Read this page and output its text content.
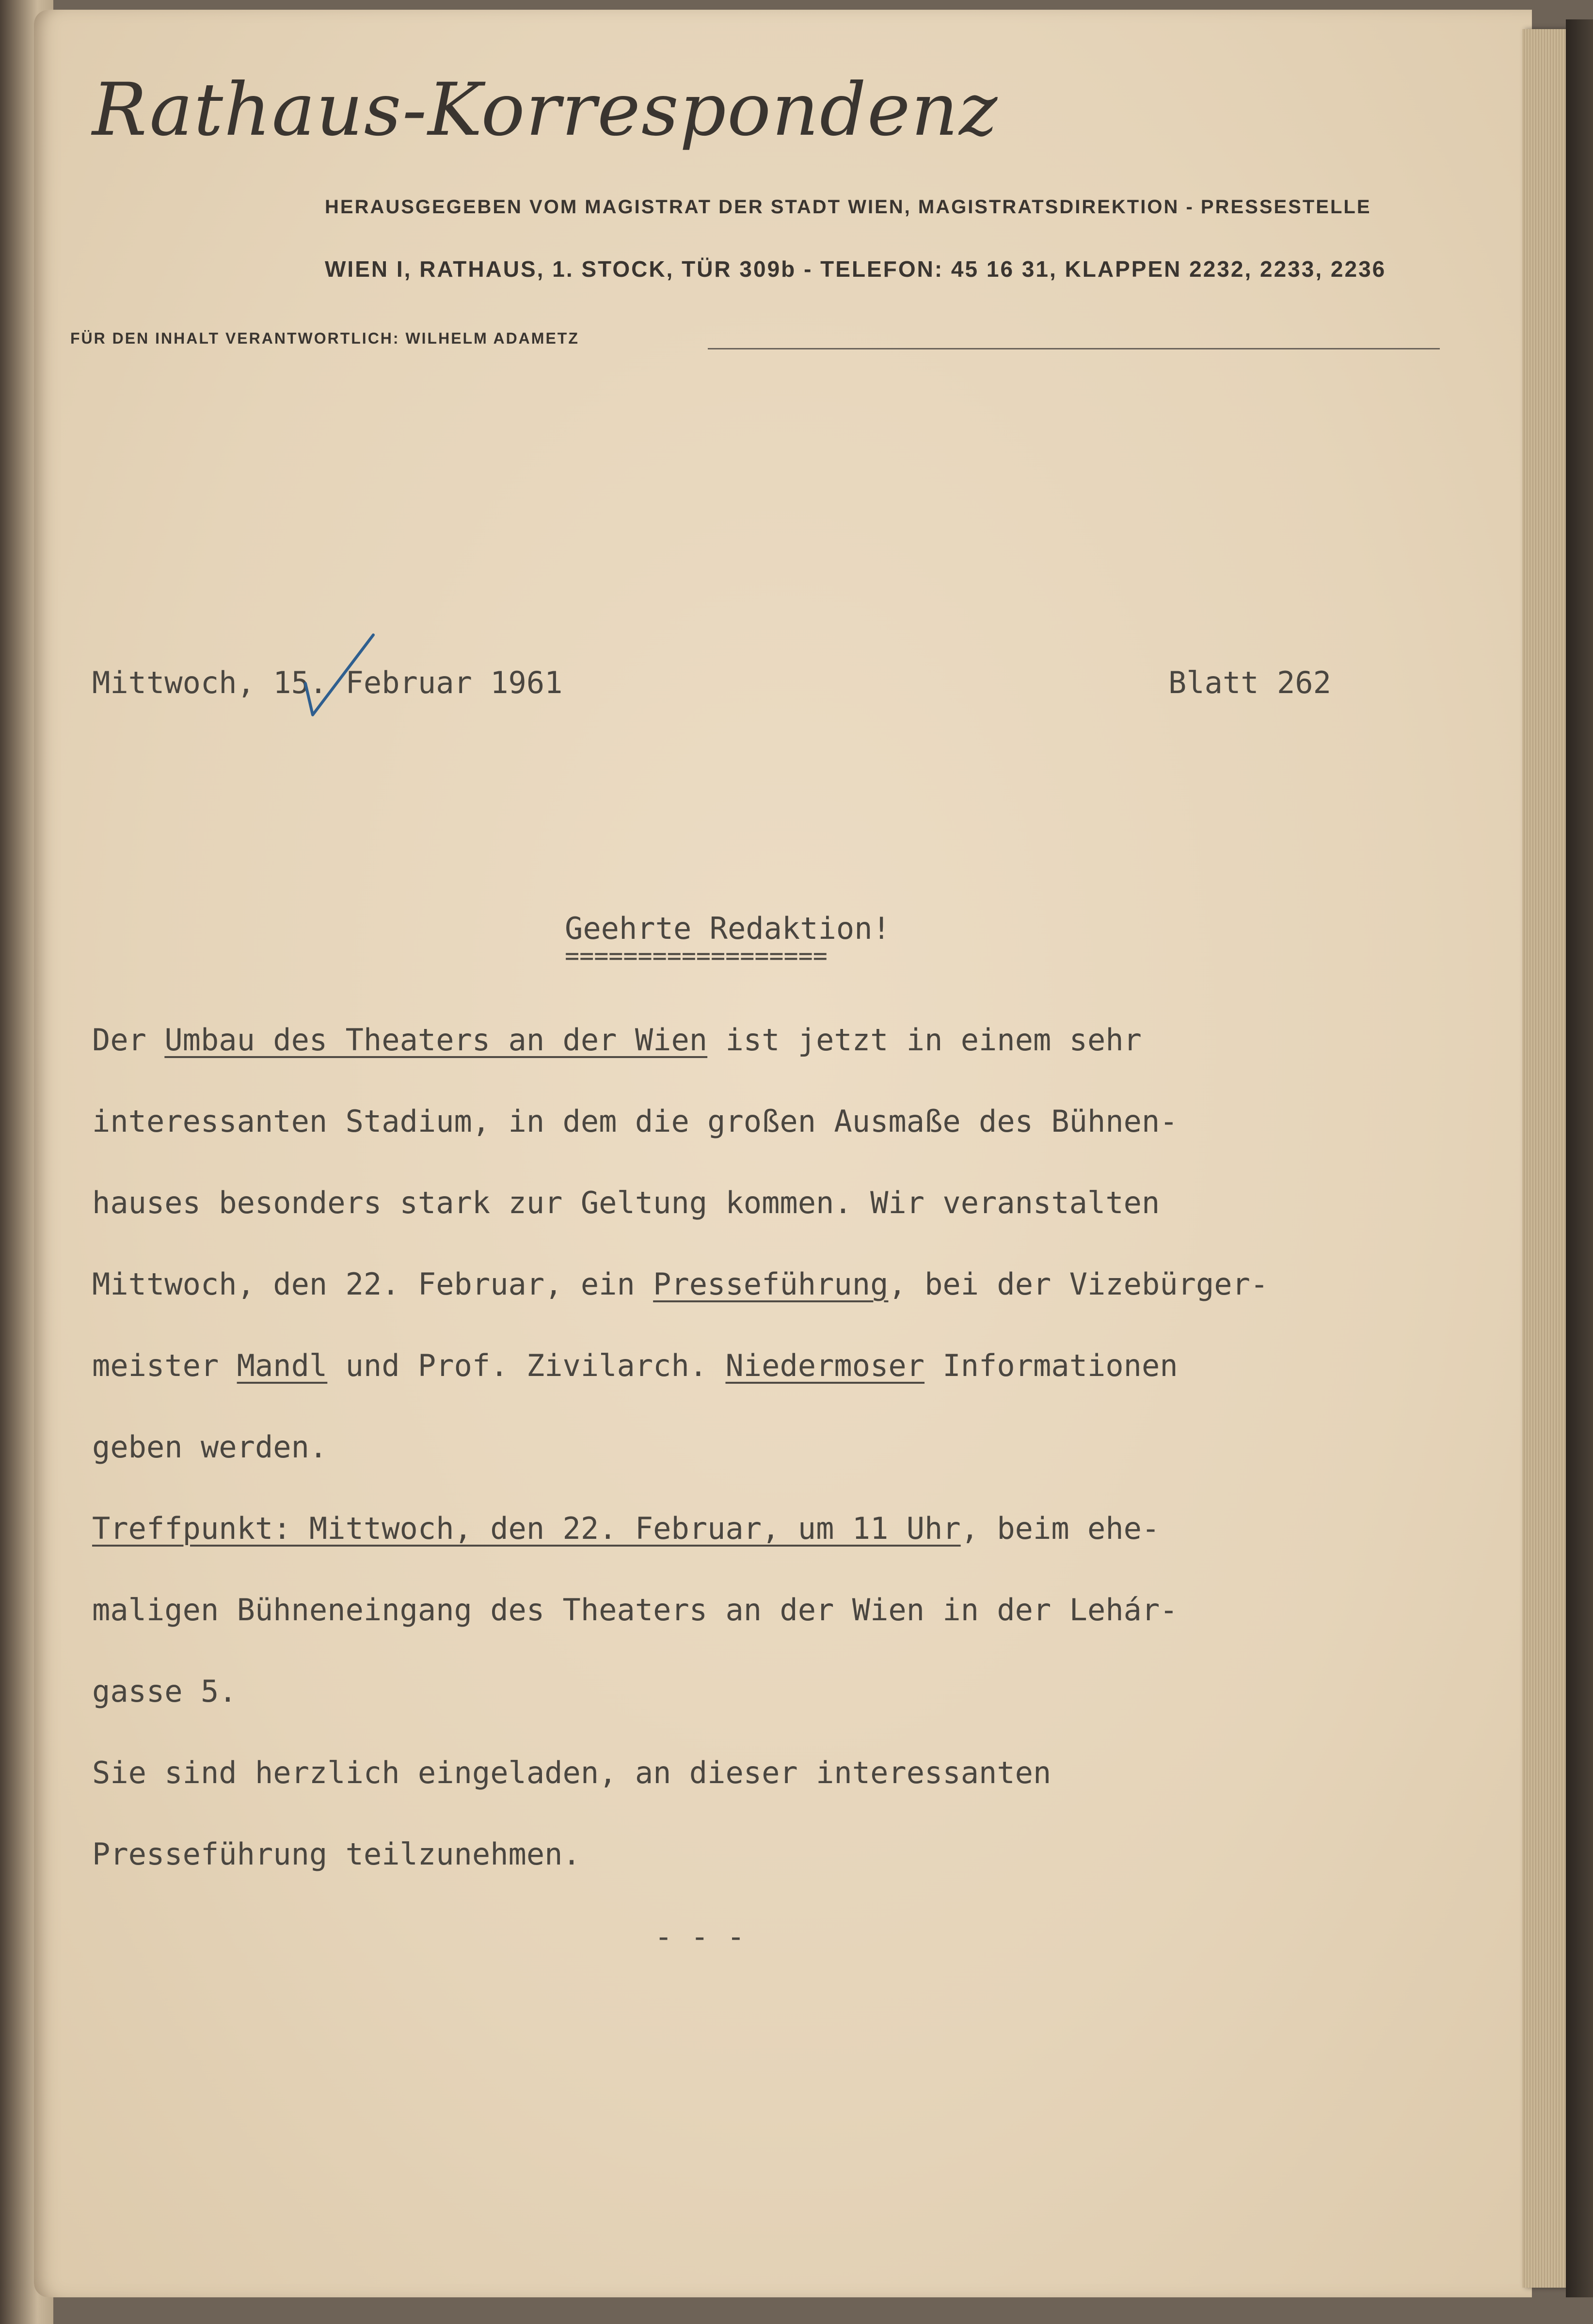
Rathaus-Korrespondenz
HERAUSGEGEBEN VOM MAGISTRAT DER STADT WIEN, MAGISTRATSDIREKTION - PRESSESTELLE
WIEN I, RATHAUS, 1. STOCK, TÜR 309b - TELEFON: 45 16 31, KLAPPEN 2232, 2233, 2236
FÜR DEN INHALT VERANTWORTLICH: WILHELM ADAMETZ
Mittwoch, 15. Februar 1961	Blatt 262
Geehrte Redaktion!
==================
Der Umbau des Theaters an der Wien ist jetzt in einem sehr
interessanten Stadium, in dem die großen Ausmaße des Bühnen-
hauses besonders stark zur Geltung kommen. Wir veranstalten
Mittwoch, den 22. Februar, ein Presseführung, bei der Vizebürger-
meister Mandl und Prof. Zivilarch. Niedermoser Informationen
geben werden.
Treffpunkt: Mittwoch, den 22. Februar, um 11 Uhr, beim ehe-
maligen Bühneneingang des Theaters an der Wien in der Lehár-
gasse 5.
Sie sind herzlich eingeladen, an dieser interessanten
Presseführung teilzunehmen.
- - -
